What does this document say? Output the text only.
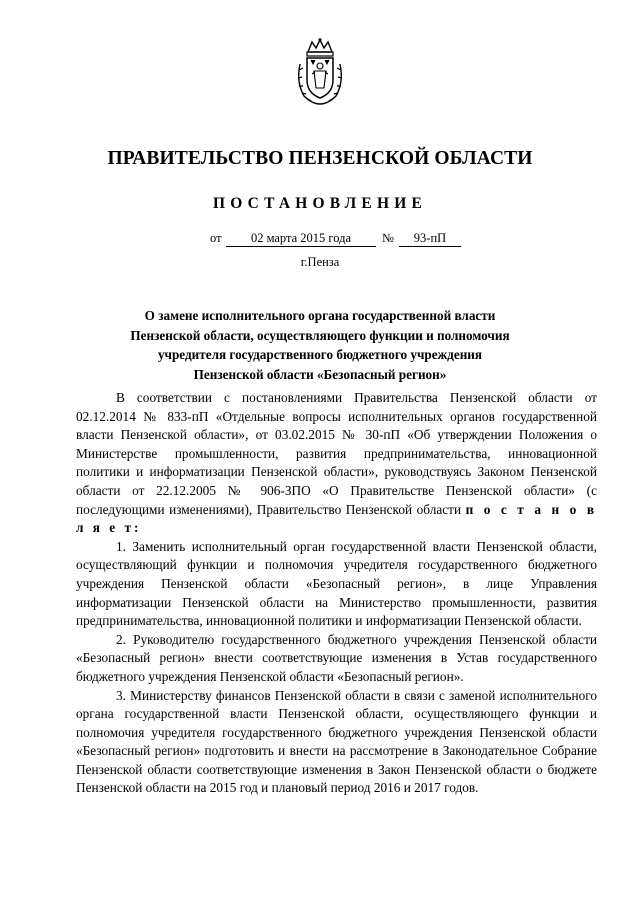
ПРАВИТЕЛЬСТВО ПЕНЗЕНСКОЙ ОБЛАСТИ
ПОСТАНОВЛЕНИЕ
от	02 марта 2015 года	№	93-пП
г.Пенза
О замене исполнительного органа государственной власти
Пензенской области, осуществляющего функции и полномочия
учредителя государственного бюджетного учреждения
Пензенской области «Безопасный регион»

В соответствии с постановлениями Правительства Пензенской области от 02.12.2014 № 833-пП «Отдельные вопросы исполнительных органов государственной власти Пензенской области», от 03.02.2015 № 30-пП «Об утверждении Положения о Министерстве промышленности, развития предпринимательства, инновационной политики и информатизации Пензенской области», руководствуясь Законом Пензенской области от 22.12.2005 № 906-ЗПО «О Правительстве Пензенской области» (с последующими изменениями), Правительство Пензенской области п о с т а н о в л я е т:

1. Заменить исполнительный орган государственной власти Пензенской области, осуществляющий функции и полномочия учредителя государственного бюджетного учреждения Пензенской области «Безопасный регион», в лице Управления информатизации Пензенской области на Министерство промышленности, развития предпринимательства, инновационной политики и информатизации Пензенской области.

2. Руководителю государственного бюджетного учреждения Пензенской области «Безопасный регион» внести соответствующие изменения в Устав государственного бюджетного учреждения Пензенской области «Безопасный регион».

3. Министерству финансов Пензенской области в связи с заменой исполнительного органа государственной власти Пензенской области, осуществляющего функции и полномочия учредителя государственного бюджетного учреждения Пензенской области «Безопасный регион» подготовить и внести на рассмотрение в Законодательное Собрание Пензенской области соответствующие изменения в Закон Пензенской области о бюджете Пензенской области на 2015 год и плановый период 2016 и 2017 годов.
